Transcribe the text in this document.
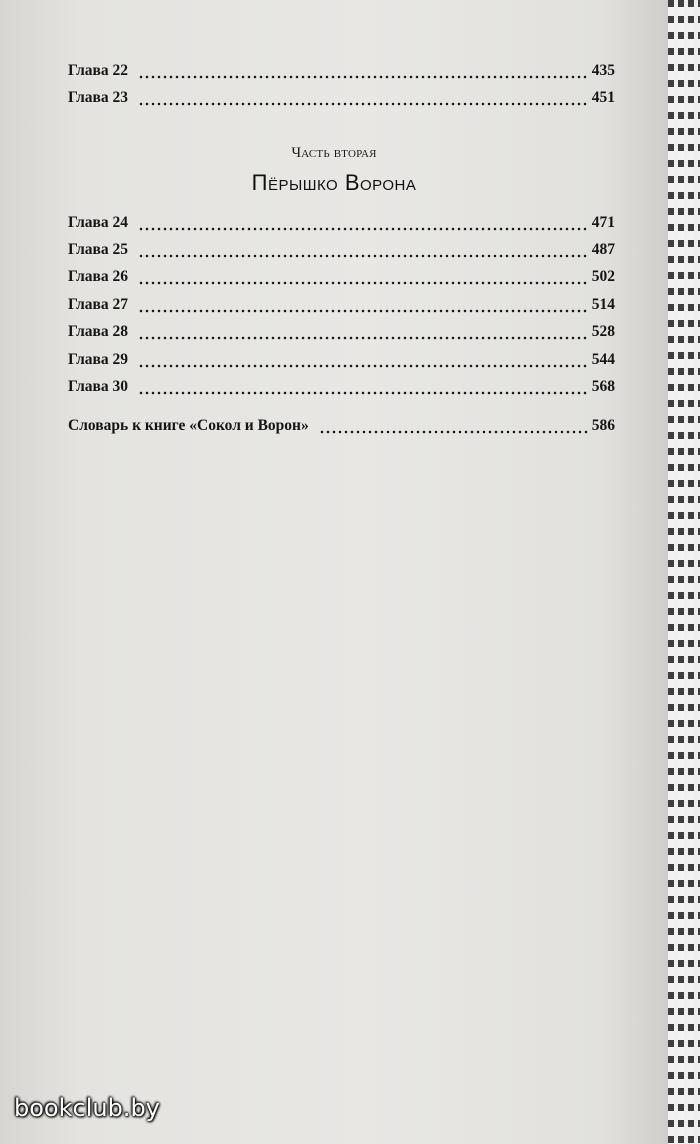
Глава 22	435
Глава 23	451
Часть вторая
Пёрышко Ворона
Глава 24	471
Глава 25	487
Глава 26	502
Глава 27	514
Глава 28	528
Глава 29	544
Глава 30	568
Словарь к книге «Сокол и Ворон»	586
bookclub.by
